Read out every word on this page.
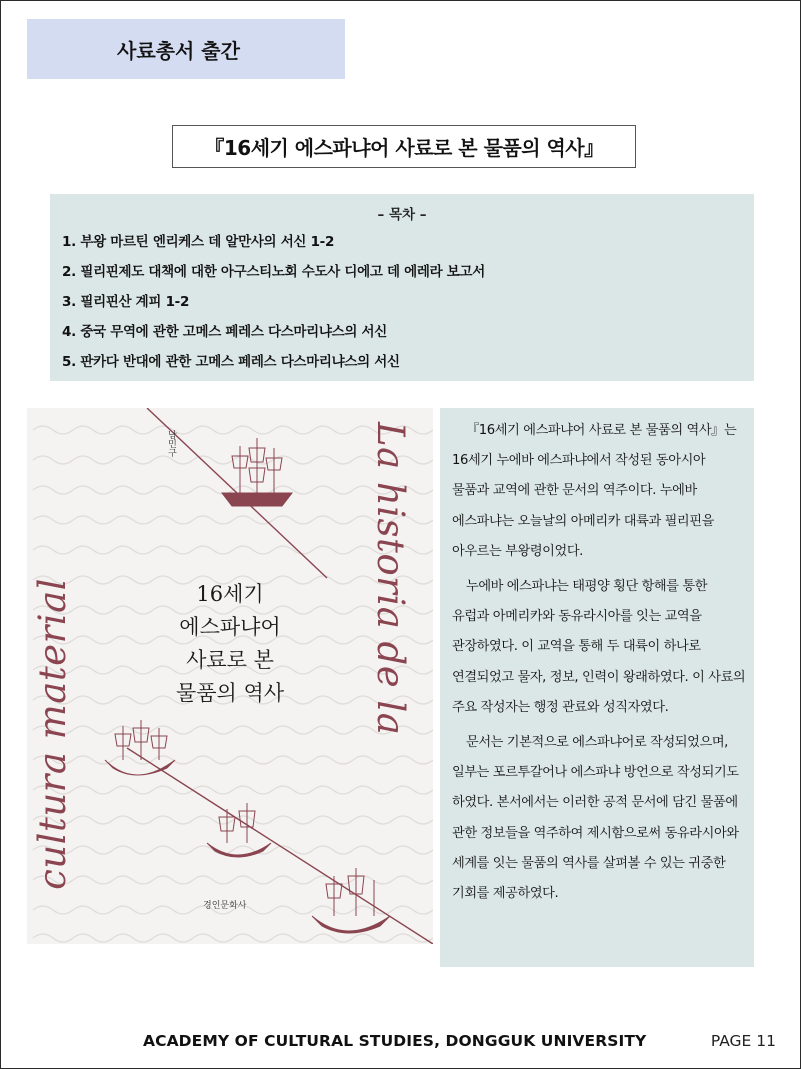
사료총서 출간
『16세기 에스파냐어 사료로 본 물품의 역사』
– 목차 –
1. 부왕 마르틴 엔리케스 데 알만사의 서신 1-2
2. 필리핀제도 대책에 대한 아구스티노회 수도사 디에고 데 에레라 보고서
3. 필리핀산 계피 1-2
4. 중국 무역에 관한 고메스 페레스 다스마리냐스의 서신
5. 판카다 반대에 관한 고메스 페레스 다스마리냐스의 서신
남민구
16세기
에스파냐어
사료로 본
물품의 역사	La historia de la
cultura material
경인문화사

『16세기 에스파냐어 사료로 본 물품의 역사』는 16세기 누에바 에스파냐에서 작성된 동아시아 물품과 교역에 관한 문서의 역주이다. 누에바 에스파냐는 오늘날의 아메리카 대륙과 필리핀을 아우르는 부왕령이었다.

누에바 에스파냐는 태평양 횡단 항해를 통한 유럽과 아메리카와 동유라시아를 잇는 교역을 관장하였다. 이 교역을 통해 두 대륙이 하나로 연결되었고 물자, 정보, 인력이 왕래하였다. 이 사료의 주요 작성자는 행정 관료와 성직자였다.

문서는 기본적으로 에스파냐어로 작성되었으며, 일부는 포르투갈어나 에스파냐 방언으로 작성되기도 하였다. 본서에서는 이러한 공적 문서에 담긴 물품에 관한 정보들을 역주하여 제시함으로써 동유라시아와 세계를 잇는 물품의 역사를 살펴볼 수 있는 귀중한 기회를 제공하였다.

ACADEMY OF CULTURAL STUDIES, DONGGUK UNIVERSITY	PAGE 11
